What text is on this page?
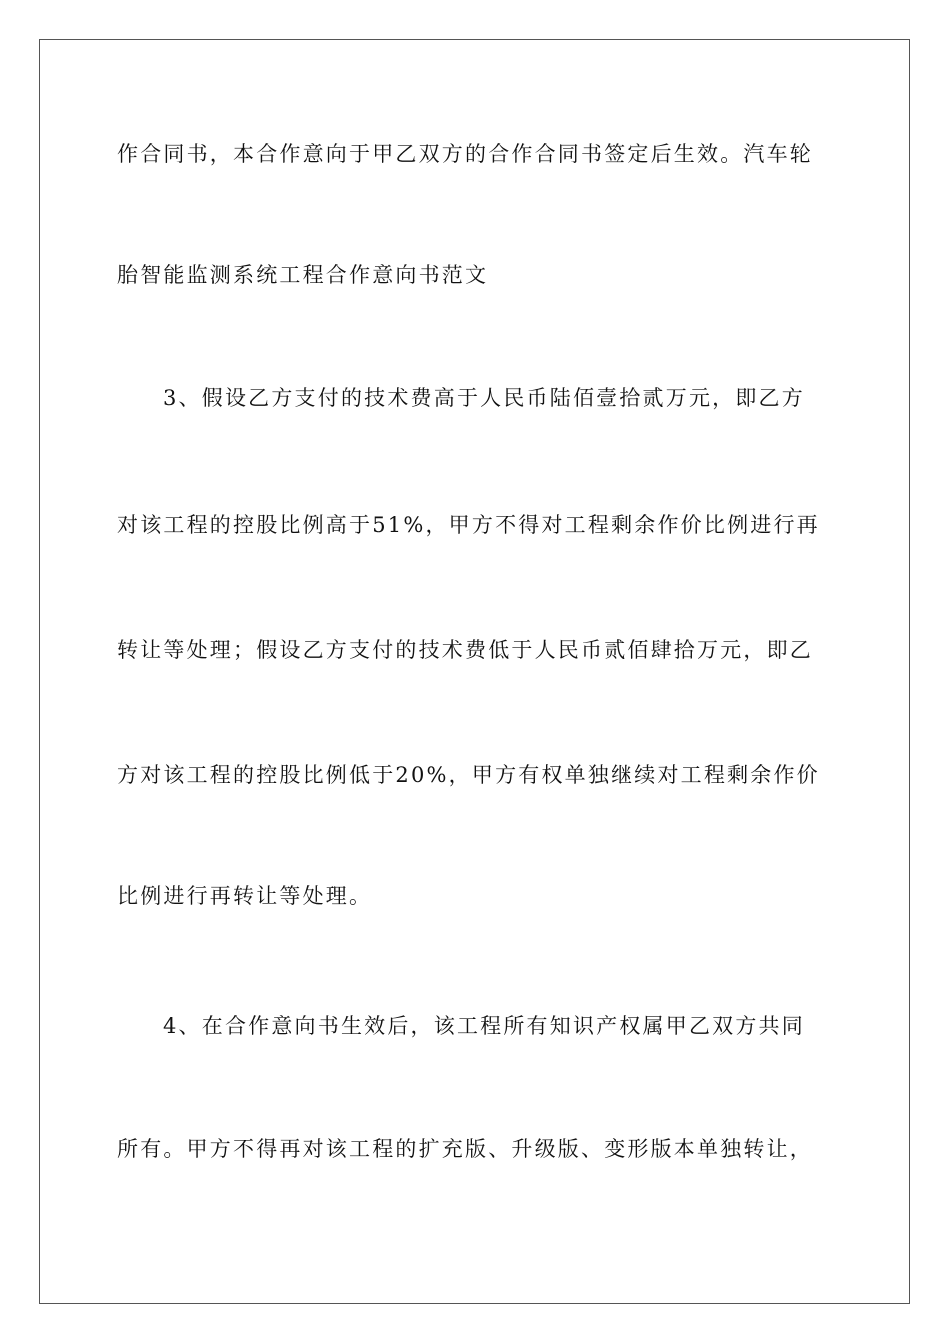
作合同书，本合作意向于甲乙双方的合作合同书签定后生效。汽车轮
胎智能监测系统工程合作意向书范文
3、假设乙方支付的技术费高于人民币陆佰壹拾贰万元，即乙方
对该工程的控股比例高于51%，甲方不得对工程剩余作价比例进行再
转让等处理；假设乙方支付的技术费低于人民币贰佰肆拾万元，即乙
方对该工程的控股比例低于20%，甲方有权单独继续对工程剩余作价
比例进行再转让等处理。
4、在合作意向书生效后，该工程所有知识产权属甲乙双方共同
所有。甲方不得再对该工程的扩充版、升级版、变形版本单独转让，
